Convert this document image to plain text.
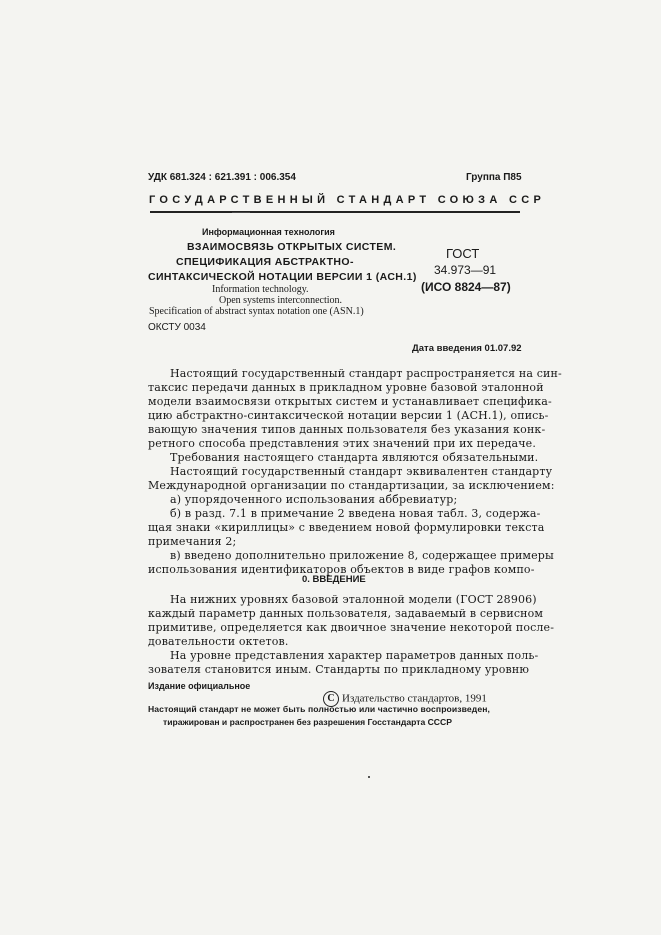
УДК 681.324 : 621.391 : 006.354	Группа П85
ГОСУДАРСТВЕННЫЙ СТАНДАРТ СОЮЗА ССР
Информационная технология
ВЗАИМОСВЯЗЬ ОТКРЫТЫХ СИСТЕМ.
СПЕЦИФИКАЦИЯ АБСТРАКТНО-
СИНТАКСИЧЕСКОЙ НОТАЦИИ ВЕРСИИ 1 (АСН.1)
ГОСТ
34.973—91
(ИСО 8824—87)
Information technology.
Open systems interconnection.
Specification of abstract syntax notation one (ASN.1)
ОКСТУ 0034
Дата введения 01.07.92
Настоящий государственный стандарт распространяется на син-
таксис передачи данных в прикладном уровне базовой эталонной
модели взаимосвязи открытых систем и устанавливает специфика-
цию абстрактно-синтаксической нотации версии 1 (АСН.1), опись-
вающую значения типов данных пользователя без указания конк-
ретного способа представления этих значений при их передаче.
Требования настоящего стандарта являются обязательными.
Настоящий государственный стандарт эквивалентен стандарту
Международной организации по стандартизации, за исключением:
а) упорядоченного использования аббревиатур;
б) в разд. 7.1 в примечание 2 введена новая табл. 3, содержа-
щая знаки «кириллицы» с введением новой формулировки текста
примечания 2;
в) введено дополнительно приложение 8, содержащее примеры
использования идентификаторов объектов в виде графов компо-
0. ВВЕДЕНИЕ
На нижних уровнях базовой эталонной модели (ГОСТ 28906)
каждый параметр данных пользователя, задаваемый в сервисном
примитиве, определяется как двоичное значение некоторой после-
довательности октетов.
На уровне представления характер параметров данных поль-
зователя становится иным. Стандарты по прикладному уровню
Издание официальное
C Издательство стандартов, 1991
Настоящий стандарт не может быть полностью или частично воспроизведен,
тиражирован и распространен без разрешения Госстандарта СССР
